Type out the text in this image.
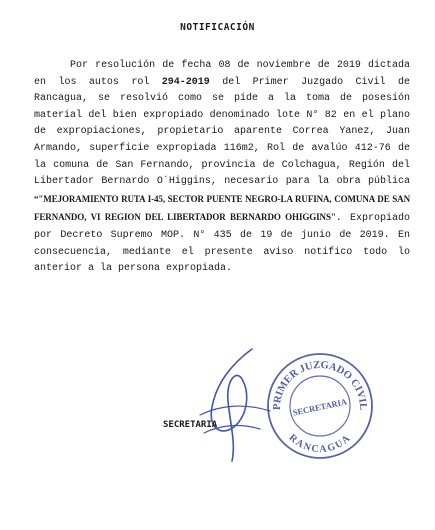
NOTIFICACIÓN

Por resolución de fecha 08 de noviembre de 2019 dictada en los autos rol 294-2019 del Primer Juzgado Civil de Rancagua, se resolvió como se pide a la toma de posesión material del bien expropiado denominado lote N° 82 en el plano de expropiaciones, propietario aparente Correa Yanez, Juan Armando, superficie expropiada 116m2, Rol de avalúo 412-76 de la comuna de San Fernando, provincia de Colchagua, Región del Libertador Bernardo O´Higgins, necesario para la obra pública “"MEJORAMIENTO RUTA I-45, SECTOR PUENTE NEGRO-LA RUFINA, COMUNA DE SAN FERNANDO, VI REGION DEL LIBERTADOR BERNARDO OHIGGINS". Expropiado por Decreto Supremo MOP. N° 435 de 19 de junio de 2019. En consecuencia, mediante el presente aviso notifico todo lo anterior a la persona expropiada.

SECRETARIA
PRIMER JUZGADO CIVIL
SECRETARIA
RANCAGUA
